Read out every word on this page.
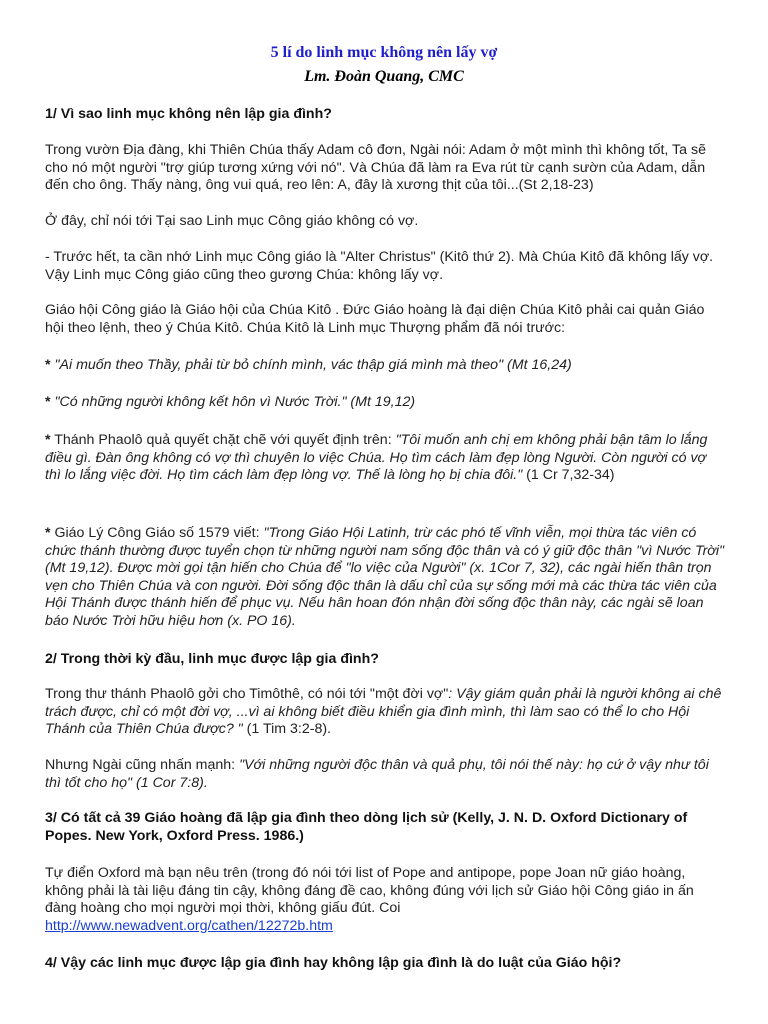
5 lí do linh mục không nên lấy vợ
Lm. Đoàn Quang, CMC

1/ Vì sao linh mục không nên lập gia đình?

Trong vườn Địa đàng, khi Thiên Chúa thấy Adam cô đơn, Ngài nói: Adam ở một mình thì không tốt, Ta sẽ cho nó một người "trợ giúp tương xứng với nó". Và Chúa đã làm ra Eva rút từ cạnh sườn của Adam, dẫn đến cho ông. Thấy nàng, ông vui quá, reo lên: A, đây là xương thịt của tôi...(St 2,18-23)

Ở đây, chỉ nói tới Tại sao Linh mục Công giáo không có vợ.

- Trước hết, ta cần nhớ Linh mục Công giáo là "Alter Christus" (Kitô thứ 2). Mà Chúa Kitô đã không lấy vợ. Vậy Linh mục Công giáo cũng theo gương Chúa: không lấy vợ.

Giáo hội Công giáo là Giáo hội của Chúa Kitô . Đức Giáo hoàng là đại diện Chúa Kitô phải cai quản Giáo hội theo lệnh, theo ý Chúa Kitô. Chúa Kitô là Linh mục Thượng phẩm đã nói trước:

* "Ai muốn theo Thầy, phải từ bỏ chính mình, vác thập giá mình mà theo" (Mt 16,24)

* "Có những người không kết hôn vì Nước Trời." (Mt 19,12)

* Thánh Phaolô quả quyết chặt chẽ với quyết định trên: "Tôi muốn anh chị em không phải bận tâm lo lắng điều gì. Đàn ông không có vợ thì chuyên lo việc Chúa. Họ tìm cách làm đẹp lòng Người. Còn người có vợ thì lo lắng việc đời. Họ tìm cách làm đẹp lòng vợ. Thế là lòng họ bị chia đôi." (1 Cr 7,32-34)

* Giáo Lý Công Giáo số 1579 viết: "Trong Giáo Hội Latinh, trừ các phó tế vĩnh viễn, mọi thừa tác viên có chức thánh thường được tuyển chọn từ những người nam sống độc thân và có ý giữ độc thân "vì Nước Trời" (Mt 19,12). Được mời gọi tận hiến cho Chúa để "lo việc của Người" (x. 1Cor 7, 32), các ngài hiến thân trọn vẹn cho Thiên Chúa và con người. Đời sống độc thân là dấu chỉ của sự sống mới mà các thừa tác viên của Hội Thánh được thánh hiến để phục vụ. Nếu hân hoan đón nhận đời sống độc thân này, các ngài sẽ loan báo Nước Trời hữu hiệu hơn (x. PO 16).

2/ Trong thời kỳ đầu, linh mục được lập gia đình?

Trong thư thánh Phaolô gởi cho Timôthê, có nói tới "một đời vợ": Vậy giám quản phải là người không ai chê trách được, chỉ có một đời vợ, ...vì ai không biết điều khiển gia đình mình, thì làm sao có thể lo cho Hội Thánh của Thiên Chúa được? " (1 Tim 3:2-8).

Nhưng Ngài cũng nhấn mạnh: "Với những người độc thân và quả phụ, tôi nói thế này: họ cứ ở vậy như tôi thì tốt cho họ" (1 Cor 7:8).

3/ Có tất cả 39 Giáo hoàng đã lập gia đình theo dòng lịch sử (Kelly, J. N. D. Oxford Dictionary of Popes. New York, Oxford Press. 1986.)

Tự điển Oxford mà bạn nêu trên (trong đó nói tới list of Pope and antipope, pope Joan nữ giáo hoàng, không phải là tài liệu đáng tin cậy, không đáng đề cao, không đúng với lịch sử Giáo hội Công giáo in ấn đàng hoàng cho mọi người mọi thời, không giấu đút. Coi
http://www.newadvent.org/cathen/12272b.htm

4/ Vậy các linh mục được lập gia đình hay không lập gia đình là do luật của Giáo hội?
